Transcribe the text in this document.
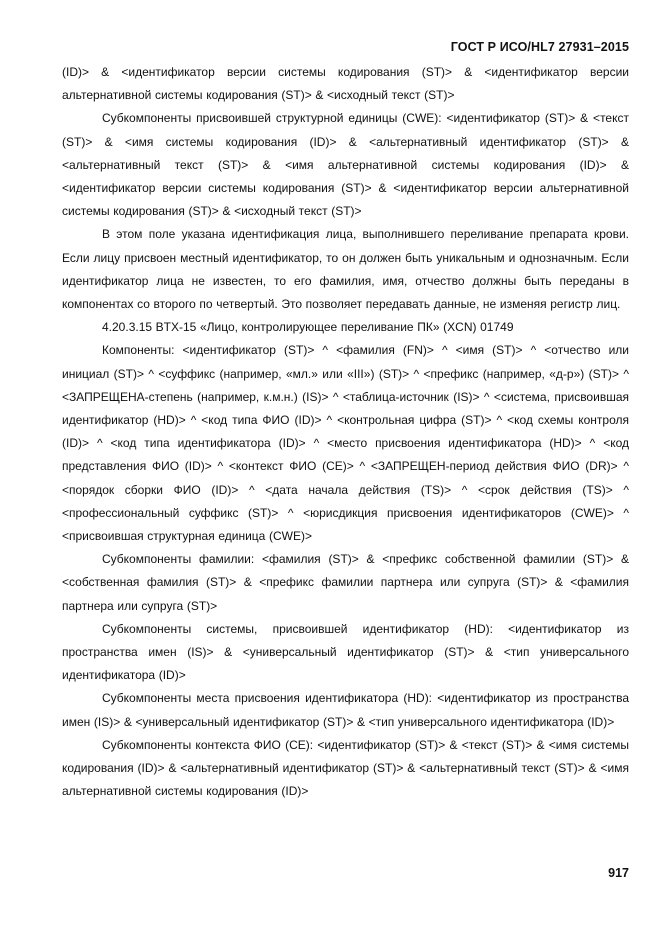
ГОСТ Р ИСО/HL7 27931–2015

(ID)> & <идентификатор версии системы кодирования (ST)> & <идентификатор версии альтернативной системы кодирования (ST)> & <исходный текст (ST)>

Субкомпоненты присвоившей структурной единицы (CWE): <идентификатор (ST)> & <текст (ST)> & <имя системы кодирования (ID)> & <альтернативный идентификатор (ST)> & <альтернативный текст (ST)> & <имя альтернативной системы кодирования (ID)> & <идентификатор версии системы кодирования (ST)> & <идентификатор версии альтернативной системы кодирования (ST)> & <исходный текст (ST)>

В этом поле указана идентификация лица, выполнившего переливание препарата крови. Если лицу присвоен местный идентификатор, то он должен быть уникальным и однозначным. Если идентификатор лица не известен, то его фамилия, имя, отчество должны быть переданы в компонентах со второго по четвертый. Это позволяет передавать данные, не изменяя регистр лиц.

4.20.3.15 BTX-15 «Лицо, контролирующее переливание ПК» (XCN) 01749

Компоненты: <идентификатор (ST)> ^ <фамилия (FN)> ^ <имя (ST)> ^ <отчество или инициал (ST)> ^ <суффикс (например, «мл.» или «III») (ST)> ^ <префикс (например, «д-р») (ST)> ^ <ЗАПРЕЩЕНА-степень (например, к.м.н.) (IS)> ^ <таблица-источник (IS)> ^ <система, присвоившая идентификатор (HD)> ^ <код типа ФИО (ID)> ^ <контрольная цифра (ST)> ^ <код схемы контроля (ID)> ^ <код типа идентификатора (ID)> ^ <место присвоения идентификатора (HD)> ^ <код представления ФИО (ID)> ^ <контекст ФИО (CE)> ^ <ЗАПРЕЩЕН-период действия ФИО (DR)> ^ <порядок сборки ФИО (ID)> ^ <дата начала действия (TS)> ^ <срок действия (TS)> ^ <профессиональный суффикс (ST)> ^ <юрисдикция присвоения идентификаторов (CWE)> ^ <присвоившая структурная единица (CWE)>

Субкомпоненты фамилии: <фамилия (ST)> & <префикс собственной фамилии (ST)> & <собственная фамилия (ST)> & <префикс фамилии партнера или супруга (ST)> & <фамилия партнера или супруга (ST)>

Субкомпоненты системы, присвоившей идентификатор (HD): <идентификатор из пространства имен (IS)> & <универсальный идентификатор (ST)> & <тип универсального идентификатора (ID)>

Субкомпоненты места присвоения идентификатора (HD): <идентификатор из пространства имен (IS)> & <универсальный идентификатор (ST)> & <тип универсального идентификатора (ID)>

Субкомпоненты контекста ФИО (CE): <идентификатор (ST)> & <текст (ST)> & <имя системы кодирования (ID)> & <альтернативный идентификатор (ST)> & <альтернативный текст (ST)> & <имя альтернативной системы кодирования (ID)>

917
